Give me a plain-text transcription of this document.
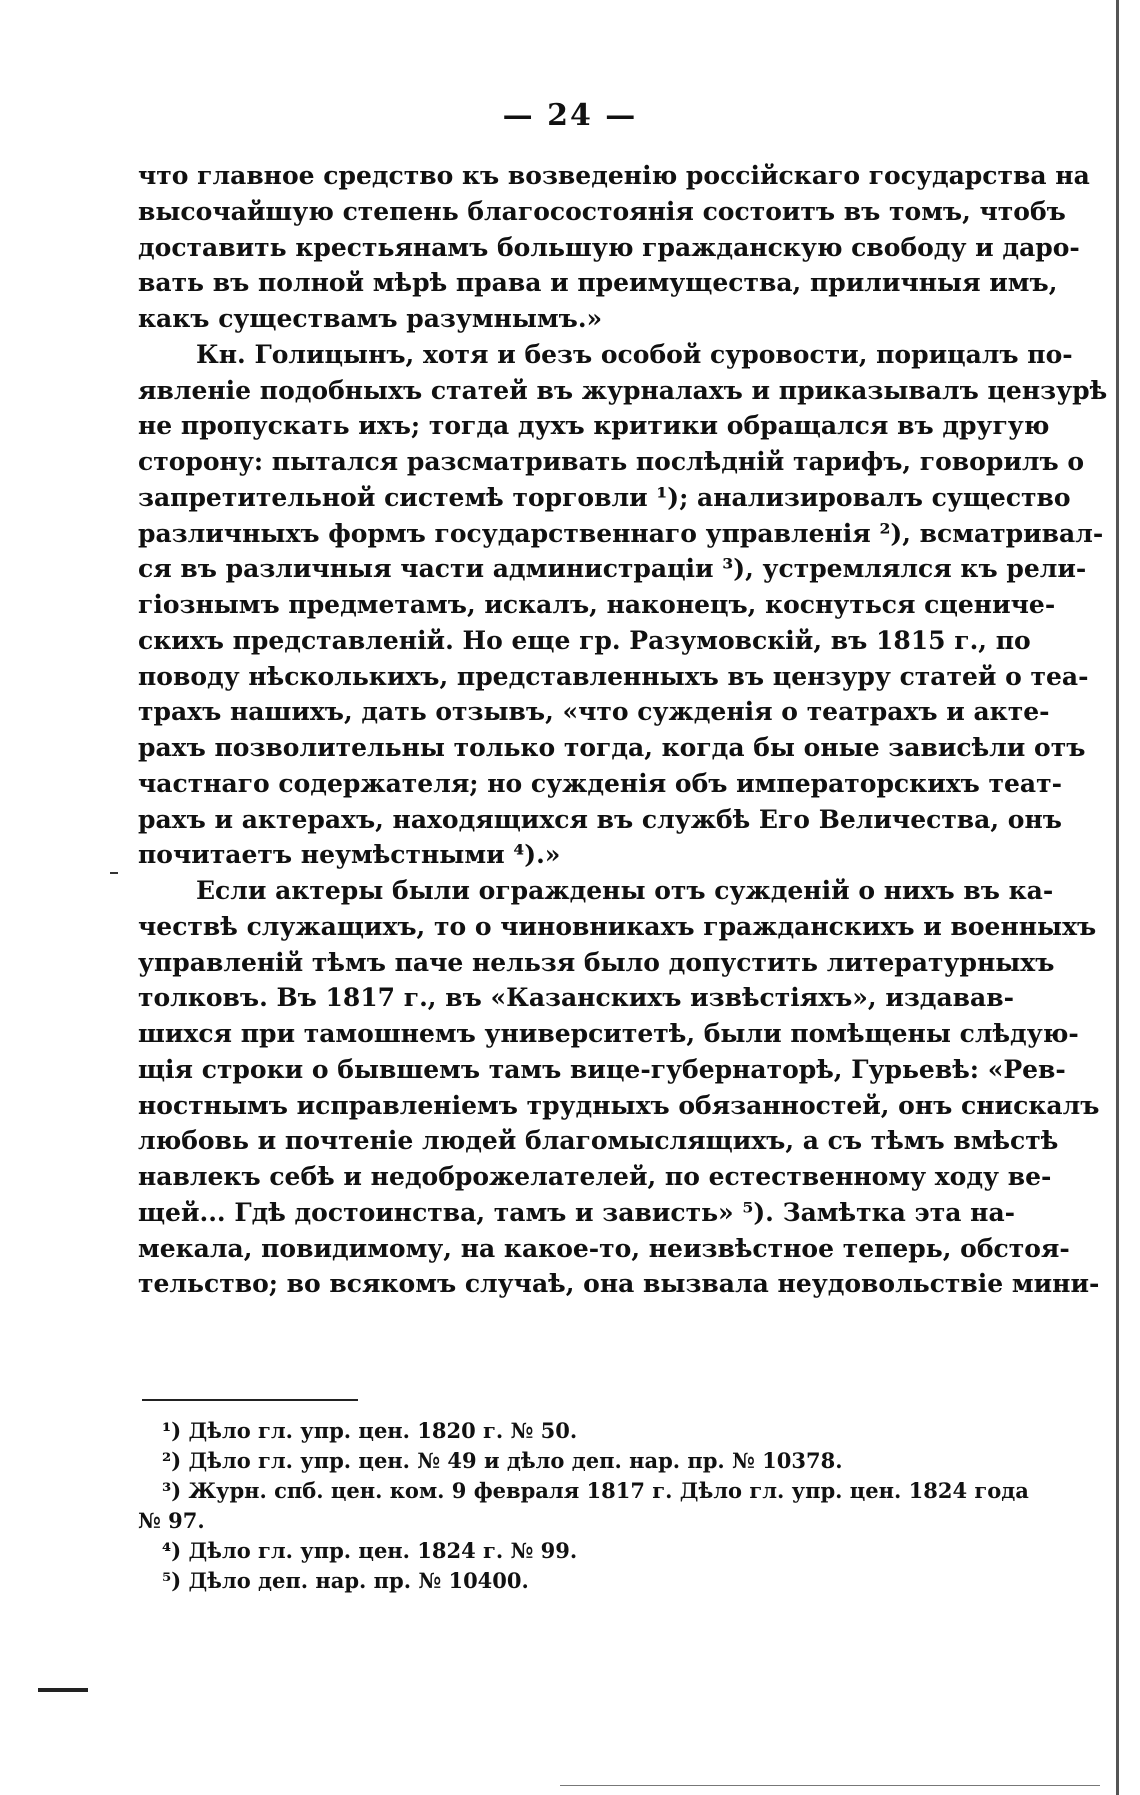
— 24 —
что главное средство къ возведенію россійскаго государства на
высочайшую степень благосостоянія состоитъ въ томъ, чтобъ
доставить крестьянамъ большую гражданскую свободу и даро-
вать въ полной мѣрѣ права и преимущества, приличныя имъ,
какъ существамъ разумнымъ.»
Кн. Голицынъ, хотя и безъ особой суровости, порицалъ по-
явленіе подобныхъ статей въ журналахъ и приказывалъ цензурѣ
не пропускать ихъ; тогда духъ критики обращался въ другую
сторону: пытался разсматривать послѣдній тарифъ, говорилъ о
запретительной системѣ торговли ¹); анализировалъ существо
различныхъ формъ государственнаго управленія ²), всматривал-
ся въ различныя части администраціи ³), устремлялся къ рели-
гіознымъ предметамъ, искалъ, наконецъ, коснуться сцениче-
скихъ представленій. Но еще гр. Разумовскій, въ 1815 г., по
поводу нѣсколькихъ, представленныхъ въ цензуру статей о теа-
трахъ нашихъ, дать отзывъ, «что сужденія о театрахъ и акте-
рахъ позволительны только тогда, когда бы оные зависѣли отъ
частнаго содержателя; но сужденія объ императорскихъ теат-
рахъ и актерахъ, находящихся въ службѣ Его Величества, онъ
почитаетъ неумѣстными ⁴).»
Если актеры были ограждены отъ сужденій о нихъ въ ка-
чествѣ служащихъ, то о чиновникахъ гражданскихъ и военныхъ
управленій тѣмъ паче нельзя было допустить литературныхъ
толковъ. Въ 1817 г., въ «Казанскихъ извѣстіяхъ», издавав-
шихся при тамошнемъ университетѣ, были помѣщены слѣдую-
щія строки о бывшемъ тамъ вице-губернаторѣ, Гурьевѣ: «Рев-
ностнымъ исправленіемъ трудныхъ обязанностей, онъ снискалъ
любовь и почтеніе людей благомыслящихъ, а съ тѣмъ вмѣстѣ
навлекъ себѣ и недоброжелателей, по естественному ходу ве-
щей... Гдѣ достоинства, тамъ и зависть» ⁵). Замѣтка эта на-
мекала, повидимому, на какое-то, неизвѣстное теперь, обстоя-
тельство; во всякомъ случаѣ, она вызвала неудовольствіе мини-
¹) Дѣло гл. упр. цен. 1820 г. № 50.
²) Дѣло гл. упр. цен. № 49 и дѣло деп. нар. пр. № 10378.
³) Журн. спб. цен. ком. 9 февраля 1817 г. Дѣло гл. упр. цен. 1824 года
№ 97.
⁴) Дѣло гл. упр. цен. 1824 г. № 99.
⁵) Дѣло деп. нар. пр. № 10400.
